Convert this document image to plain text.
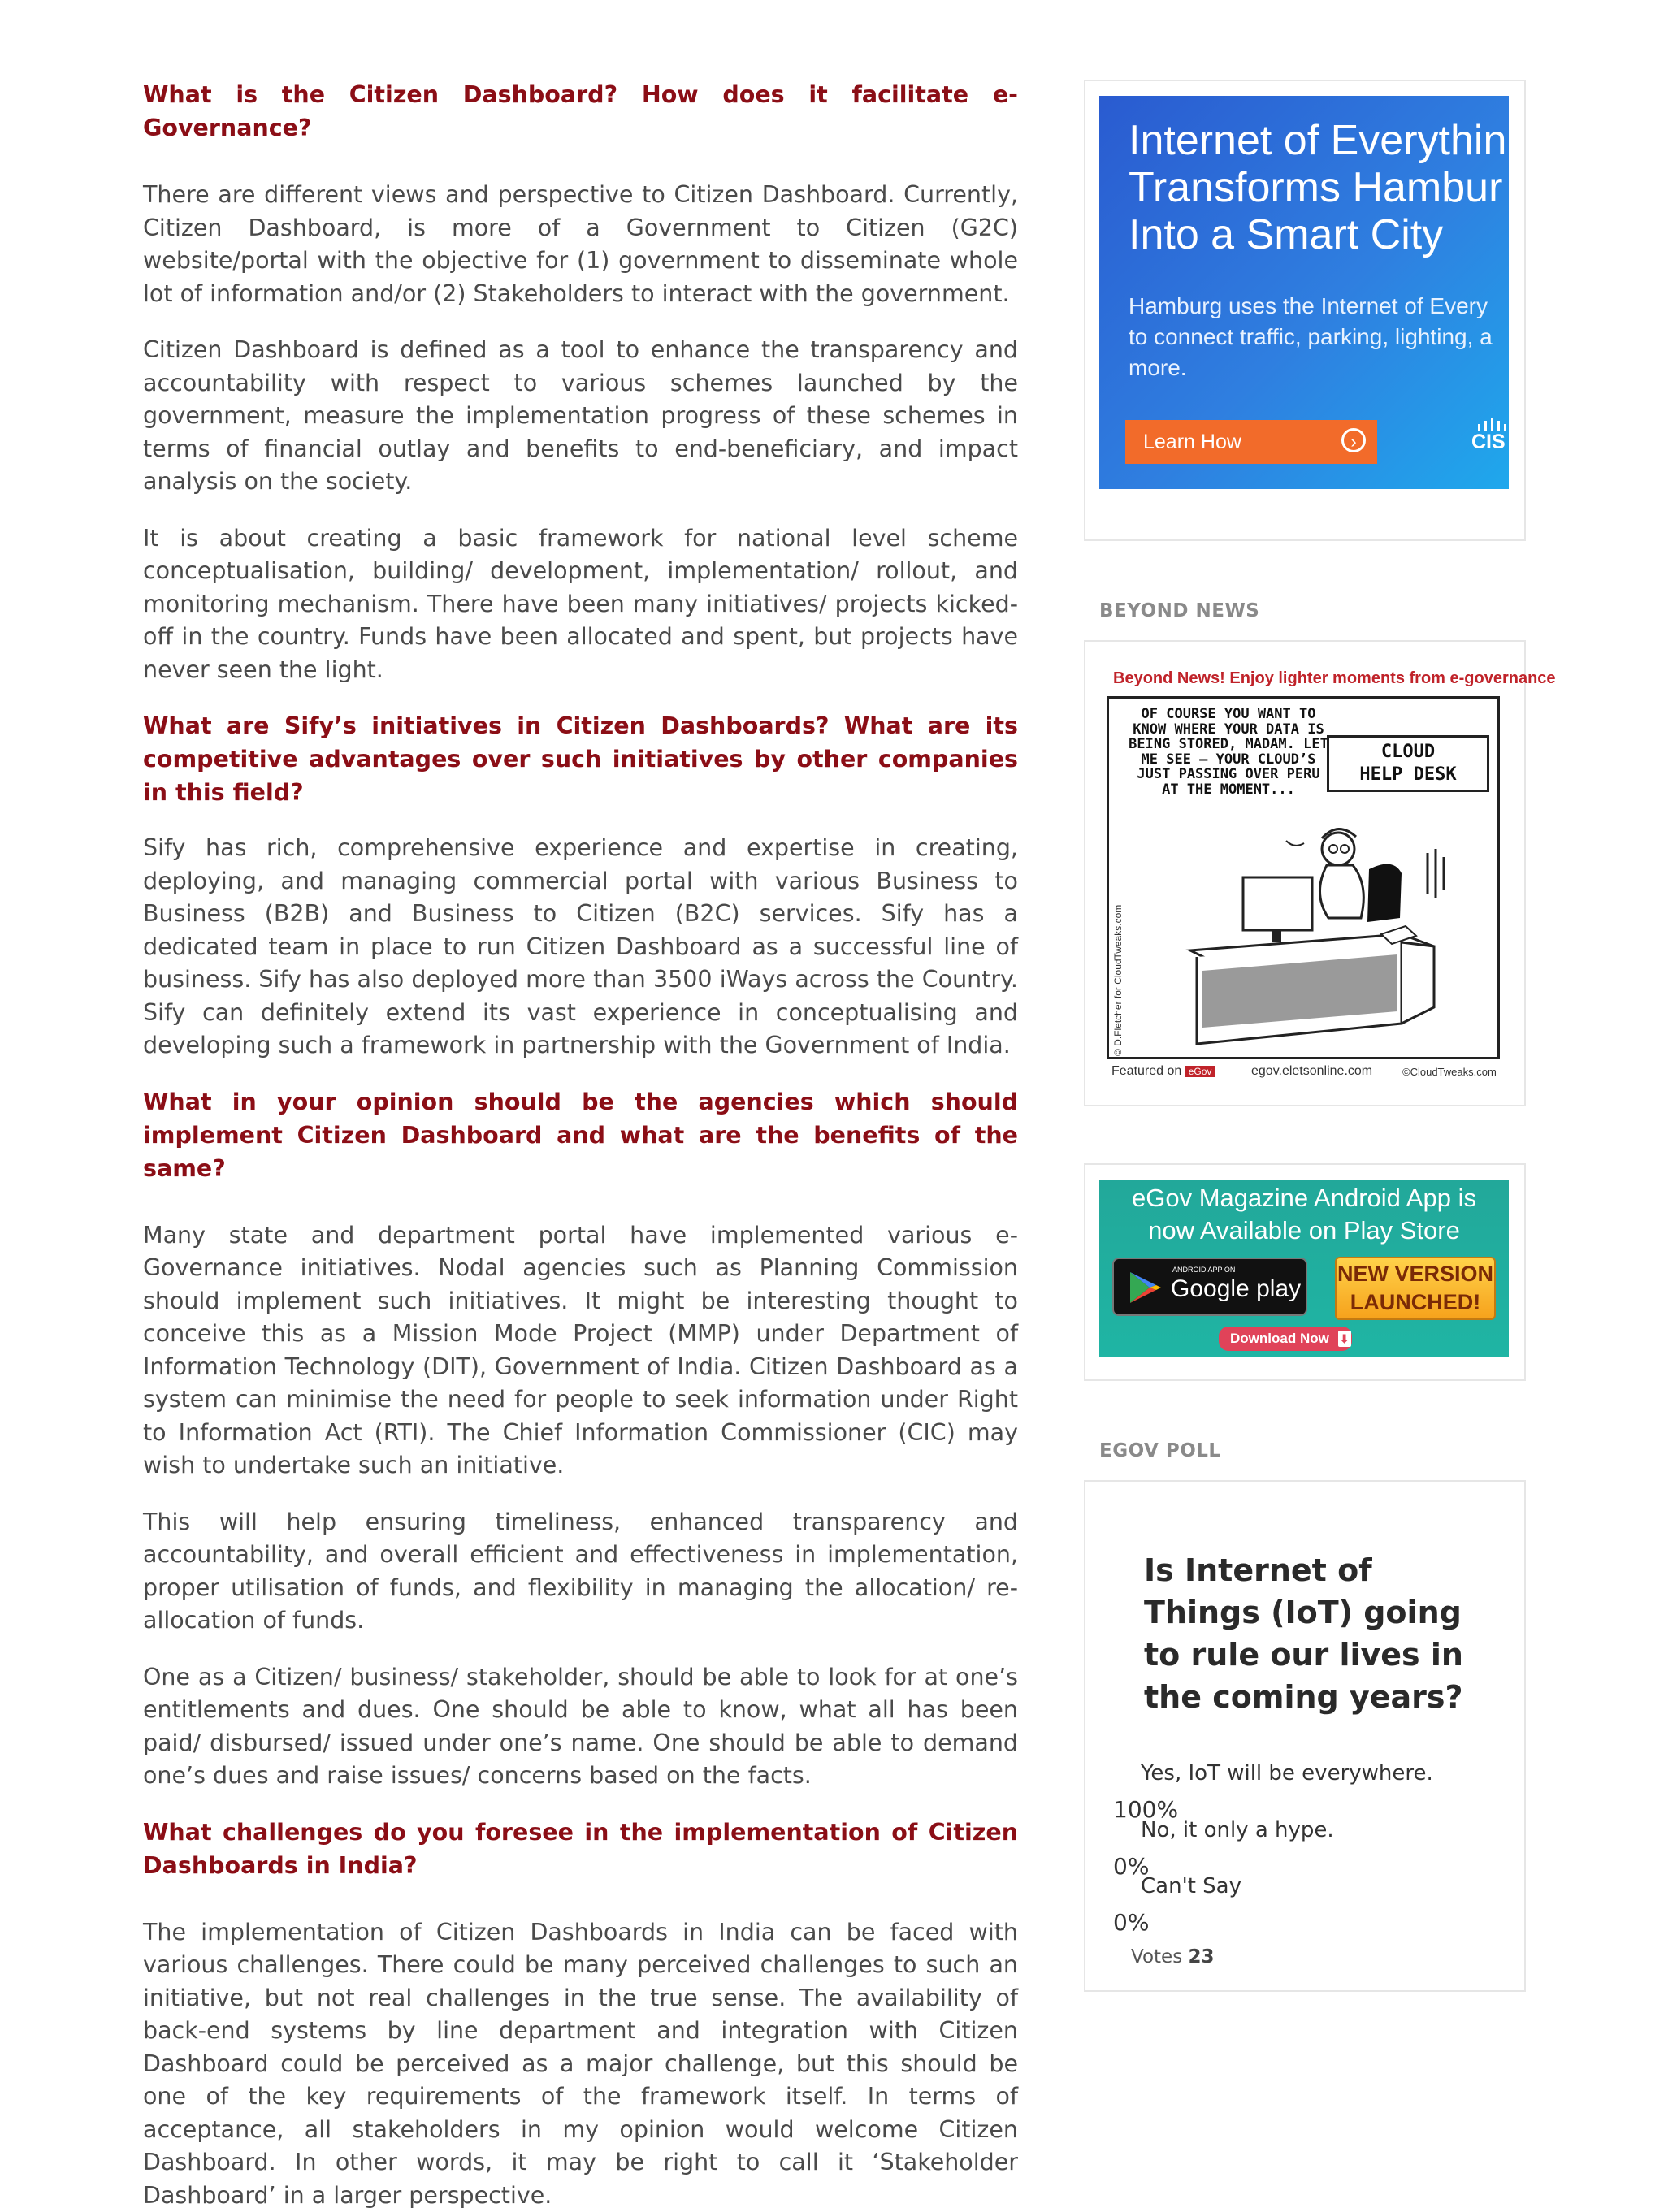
What is the Citizen Dashboard? How does it facilitate e-Governance?

There are different views and perspective to Citizen Dashboard. Currently, Citizen Dashboard, is more of a Government to Citizen (G2C) website/portal with the objective for (1) government to disseminate whole lot of information and/or (2) Stakeholders to interact with the government.

Citizen Dashboard is defined as a tool to enhance the transparency and accountability with respect to various schemes launched by the government, measure the implementation progress of these schemes in terms of financial outlay and benefits to end-beneficiary, and impact analysis on the society.

It is about creating a basic framework for national level scheme conceptualisation, building/ development, implementation/ rollout, and monitoring mechanism. There have been many initiatives/ projects kicked-off in the country. Funds have been allocated and spent, but projects have never seen the light.

What are Sify’s initiatives in Citizen Dashboards? What are its competitive advantages over such initiatives by other companies in this field?

Sify has rich, comprehensive experience and expertise in creating, deploying, and managing commercial portal with various Business to Business (B2B) and Business to Citizen (B2C) services. Sify has a dedicated team in place to run Citizen Dashboard as a successful line of business. Sify has also deployed more than 3500 iWays across the Country. Sify can definitely extend its vast experience in conceptualising and developing such a framework in partnership with the Government of India.

What in your opinion should be the agencies which should implement Citizen Dashboard and what are the benefits of the same?

Many state and department portal have implemented various e-Governance initiatives. Nodal agencies such as Planning Commission should implement such initiatives. It might be interesting thought to conceive this as a Mission Mode Project (MMP) under Department of Information Technology (DIT), Government of India. Citizen Dashboard as a system can minimise the need for people to seek information under Right to Information Act (RTI). The Chief Information Commissioner (CIC) may wish to undertake such an initiative.

This will help ensuring timeliness, enhanced transparency and accountability, and overall efficient and effectiveness in implementation, proper utilisation of funds, and flexibility in managing the allocation/ re-allocation of funds.

One as a Citizen/ business/ stakeholder, should be able to look for at one’s entitlements and dues. One should be able to know, what all has been paid/ disbursed/ issued under one’s name. One should be able to demand one’s dues and raise issues/ concerns based on the facts.

What challenges do you foresee in the implementation of Citizen Dashboards in India?

The implementation of Citizen Dashboards in India can be faced with various challenges. There could be many perceived challenges to such an initiative, but not real challenges in the true sense. The availability of back-end systems by line department and integration with Citizen Dashboard could be perceived as a major challenge, but this should be one of the key requirements of the framework itself. In terms of acceptance, all stakeholders in my opinion would welcome Citizen Dashboard. In other words, it may be right to call it ‘Stakeholder Dashboard’ in a larger perspective.

Internet of Everythin
Transforms Hambur
Into a Smart City
Hamburg uses the Internet of Every
to connect traffic, parking, lighting, a
more.
Learn How	›	CIS
BEYOND NEWS
Beyond News! Enjoy lighter moments from e-governance
OF COURSE YOU WANT TO KNOW WHERE YOUR DATA IS BEING STORED, MADAM. LET ME SEE – YOUR CLOUD’S JUST PASSING OVER PERU AT THE MOMENT...
CLOUD
HELP DESK
© D.Fletcher for CloudTweaks.com
Featured on eGov	egov.eletsonline.com	©CloudTweaks.com
eGov Magazine Android App is
now Available on Play Store
ANDROID APP ON
Google play
NEW VERSION
LAUNCHED!
Download Now ⬇
EGOV POLL
Is Internet of Things (IoT) going to rule our lives in the coming years?
Yes, IoT will be everywhere.
100%
No, it only a hype.
0%
Can't Say
0%
Votes 23
